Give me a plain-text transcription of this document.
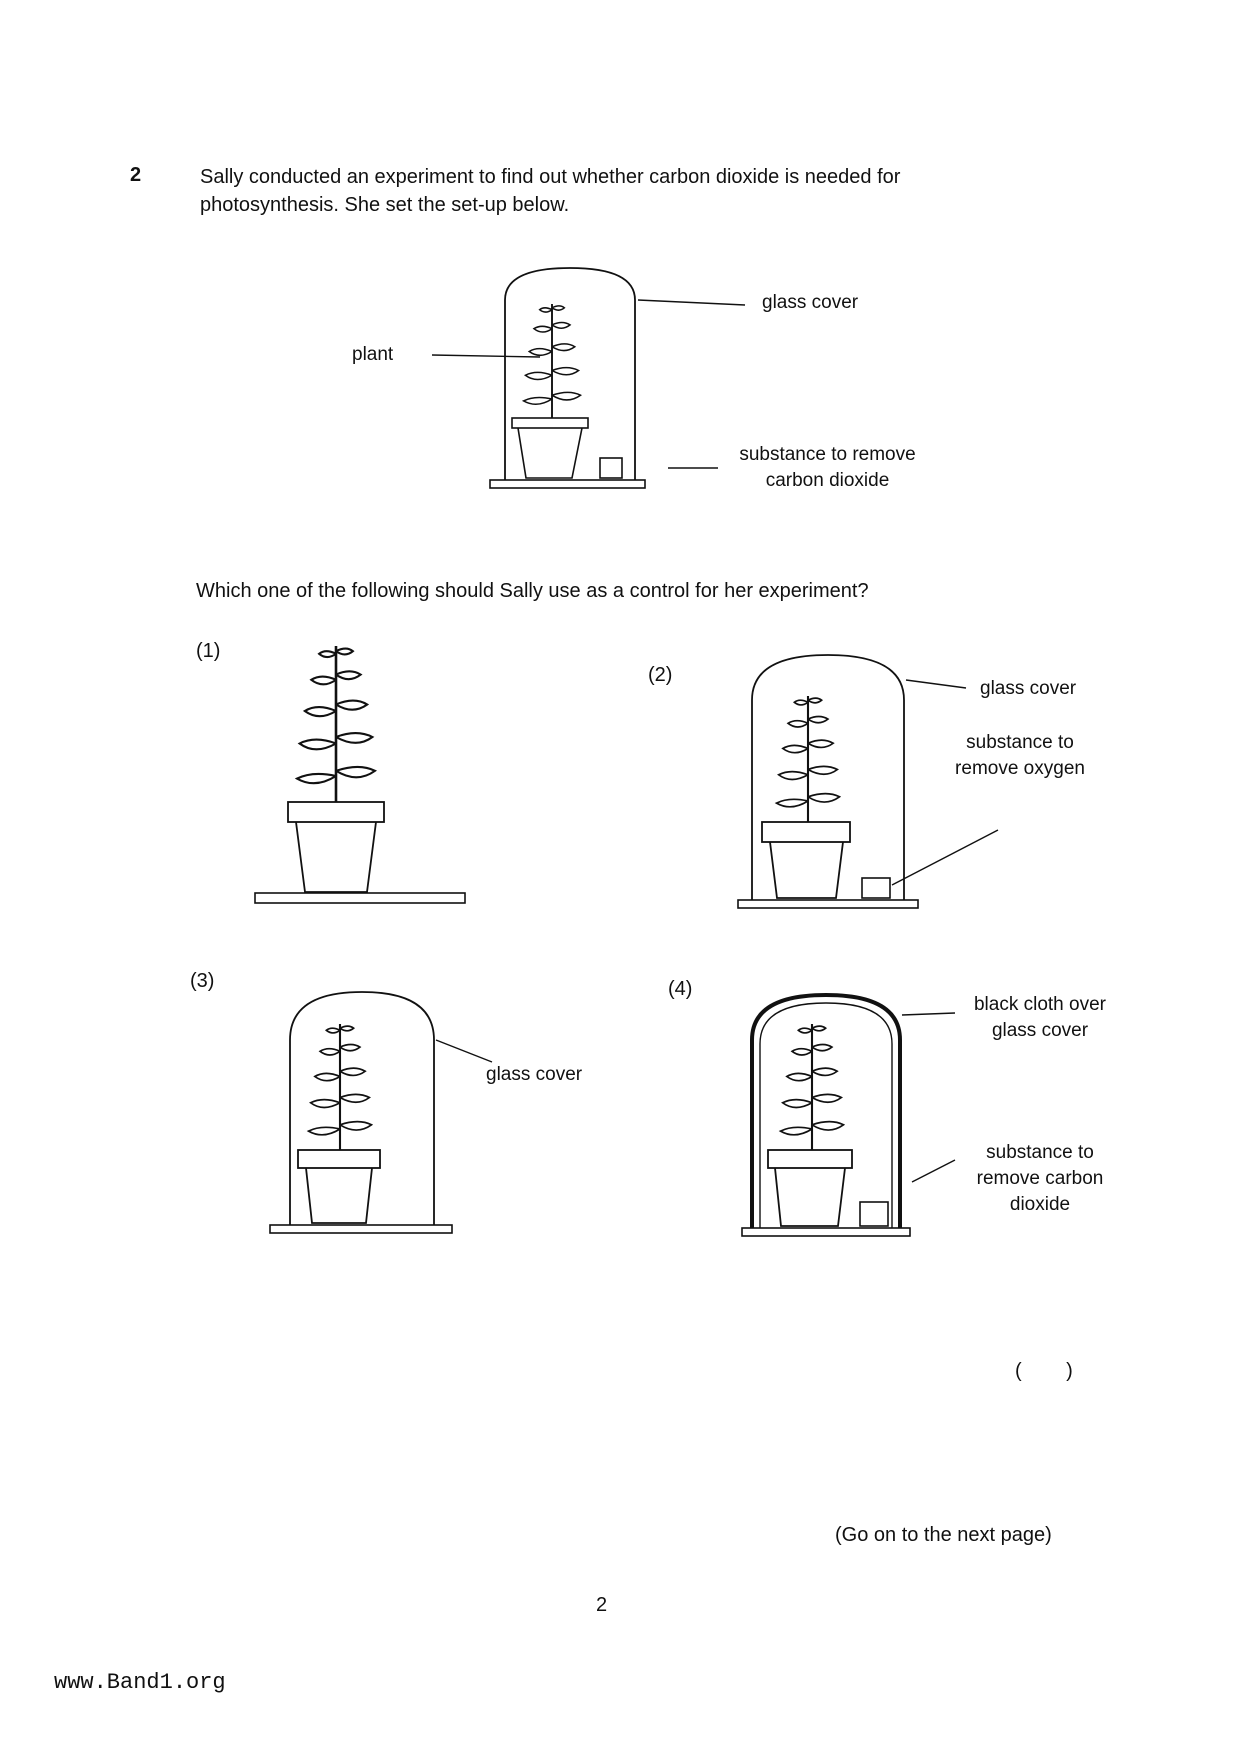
2	Sally conducted an experiment to find out whether carbon dioxide is needed for
photosynthesis. She set the set-up below.
glass cover
plant
substance to remove
carbon dioxide
Which one of the following should Sally use as a control for her experiment?
(1)
(2)
(3)	(4)
glass cover
substance to
remove oxygen
glass cover
black cloth over
glass cover
substance to
remove carbon
dioxide
(        )
(Go on to the next page)
2
www.Band1.org
